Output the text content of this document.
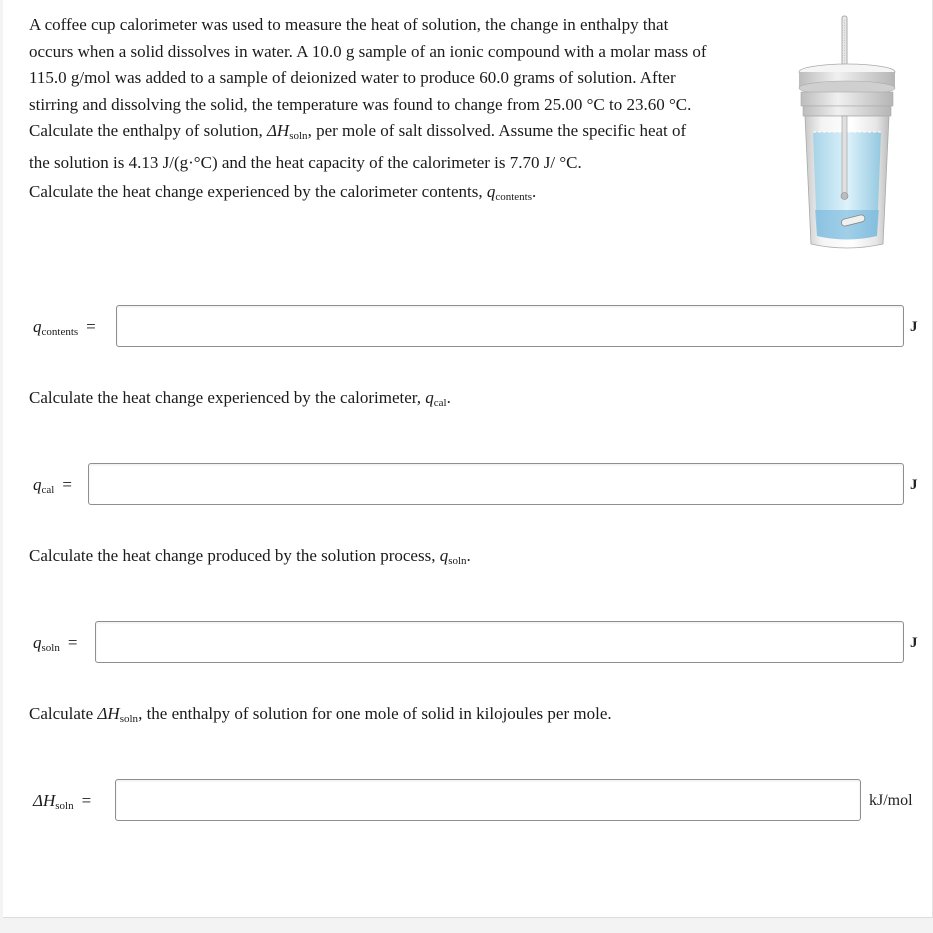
A coffee cup calorimeter was used to measure the heat of solution, the change in enthalpy that

occurs when a solid dissolves in water. A 10.0 g sample of an ionic compound with a molar mass of

115.0 g/mol was added to a sample of deionized water to produce 60.0 grams of solution. After

stirring and dissolving the solid, the temperature was found to change from 25.00 °C to 23.60 °C.

Calculate the enthalpy of solution, $\Delta H_{soln}$, per mole of salt dissolved. Assume the specific heat of

the solution is 4.13 J/(g·°C) and the heat capacity of the calorimeter is 7.70 J/ °C.

Calculate the heat change experienced by the calorimeter contents, $q_{contents}$.
$q_{contents}$ =	J
Calculate the heat change experienced by the calorimeter, $q_{cal}$.
$q_{cal}$ =	J
Calculate the heat change produced by the solution process, $q_{soln}$.
$q_{soln}$ =	J
Calculate $\Delta H_{soln}$, the enthalpy of solution for one mole of solid in kilojoules per mole.
$\Delta H_{soln}$ =	kJ/mol
